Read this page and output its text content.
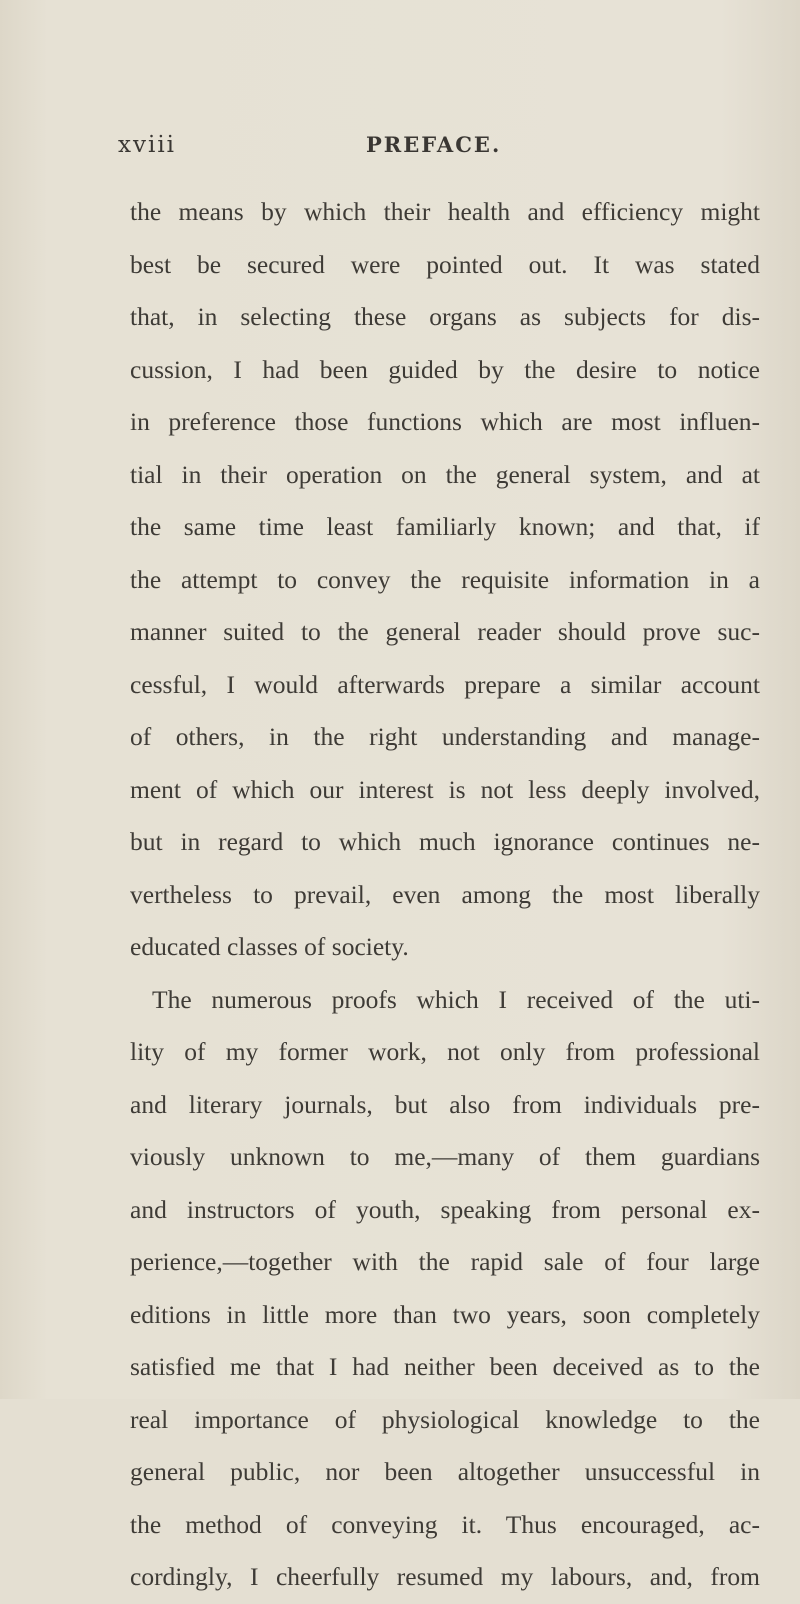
xviii	PREFACE.
the means by which their health and efficiency might
best be secured were pointed out. It was stated
that, in selecting these organs as subjects for dis-
cussion, I had been guided by the desire to notice
in preference those functions which are most influen-
tial in their operation on the general system, and at
the same time least familiarly known; and that, if
the attempt to convey the requisite information in a
manner suited to the general reader should prove suc-
cessful, I would afterwards prepare a similar account
of others, in the right understanding and manage-
ment of which our interest is not less deeply involved,
but in regard to which much ignorance continues ne-
vertheless to prevail, even among the most liberally
educated classes of society.
The numerous proofs which I received of the uti-
lity of my former work, not only from professional
and literary journals, but also from individuals pre-
viously unknown to me,—many of them guardians
and instructors of youth, speaking from personal ex-
perience,—together with the rapid sale of four large
editions in little more than two years, soon completely
satisfied me that I had neither been deceived as to the
real importance of physiological knowledge to the
general public, nor been altogether unsuccessful in
the method of conveying it. Thus encouraged, ac-
cordingly, I cheerfully resumed my labours, and, from
